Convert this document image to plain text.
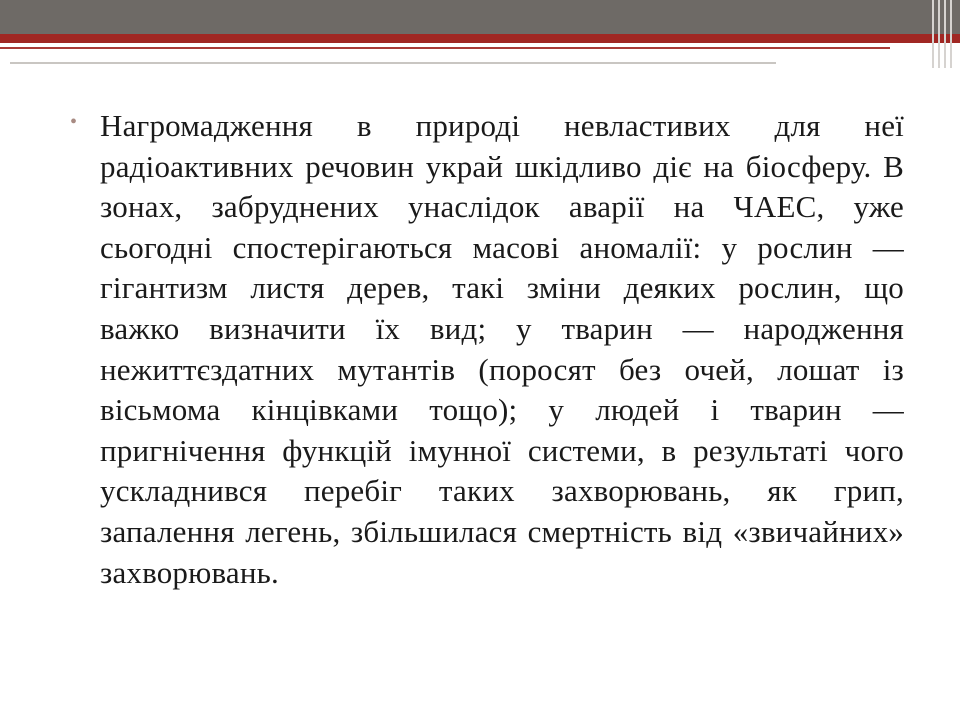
• Нагромадження в природі невластивих для неї радіоактивних речовин украй шкідливо діє на біосферу. В зонах, забруднених унаслідок аварії на ЧАЕС, уже сьогодні спостерігаються масові аномалії: у рослин — гігантизм листя дерев, такі зміни деяких рослин, що важко визначити їх вид; у тварин — народження нежиттєздатних мутантів (поросят без очей, лошат із вісьмома кінцівками тощо); у людей і тварин — пригнічення функцій імунної системи, в результаті чого ускладнився перебіг таких захворювань, як грип, запалення легень, збільшилася смертність від «звичайних» захворювань.
